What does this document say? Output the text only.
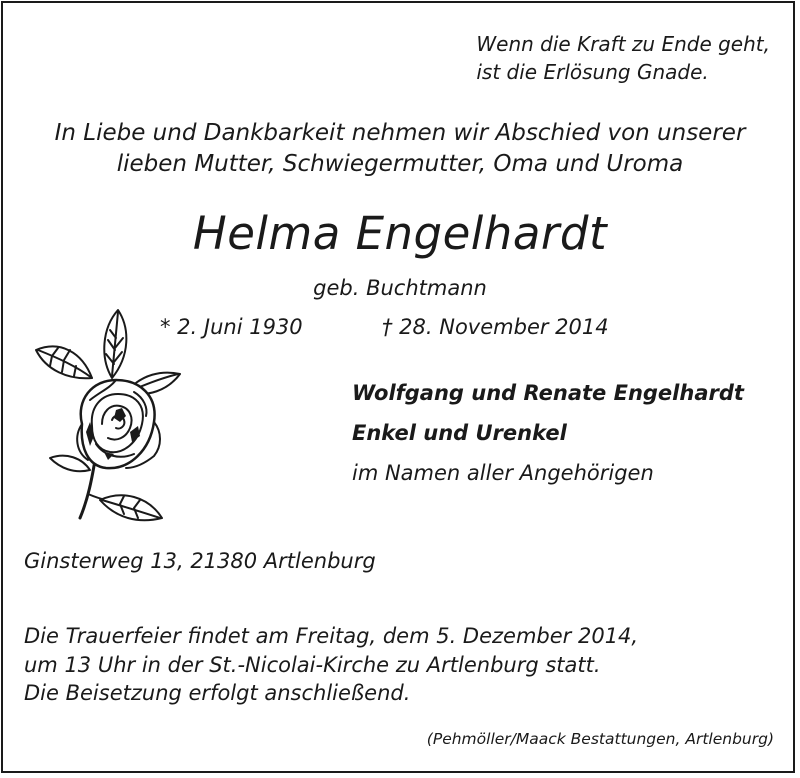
Wenn die Kraft zu Ende geht,
ist die Erlösung Gnade.
In Liebe und Dankbarkeit nehmen wir Abschied von unserer
lieben Mutter, Schwiegermutter, Oma und Uroma
Helma Engelhardt
geb. Buchtmann
* 2. Juni 1930	† 28. November 2014
Wolfgang und Renate Engelhardt
Enkel und Urenkel
im Namen aller Angehörigen
Ginsterweg 13, 21380 Artlenburg
Die Trauerfeier findet am Freitag, dem 5. Dezember 2014,
um 13 Uhr in der St.-Nicolai-Kirche zu Artlenburg statt.
Die Beisetzung erfolgt anschließend.
(Pehmöller/Maack Bestattungen, Artlenburg)
